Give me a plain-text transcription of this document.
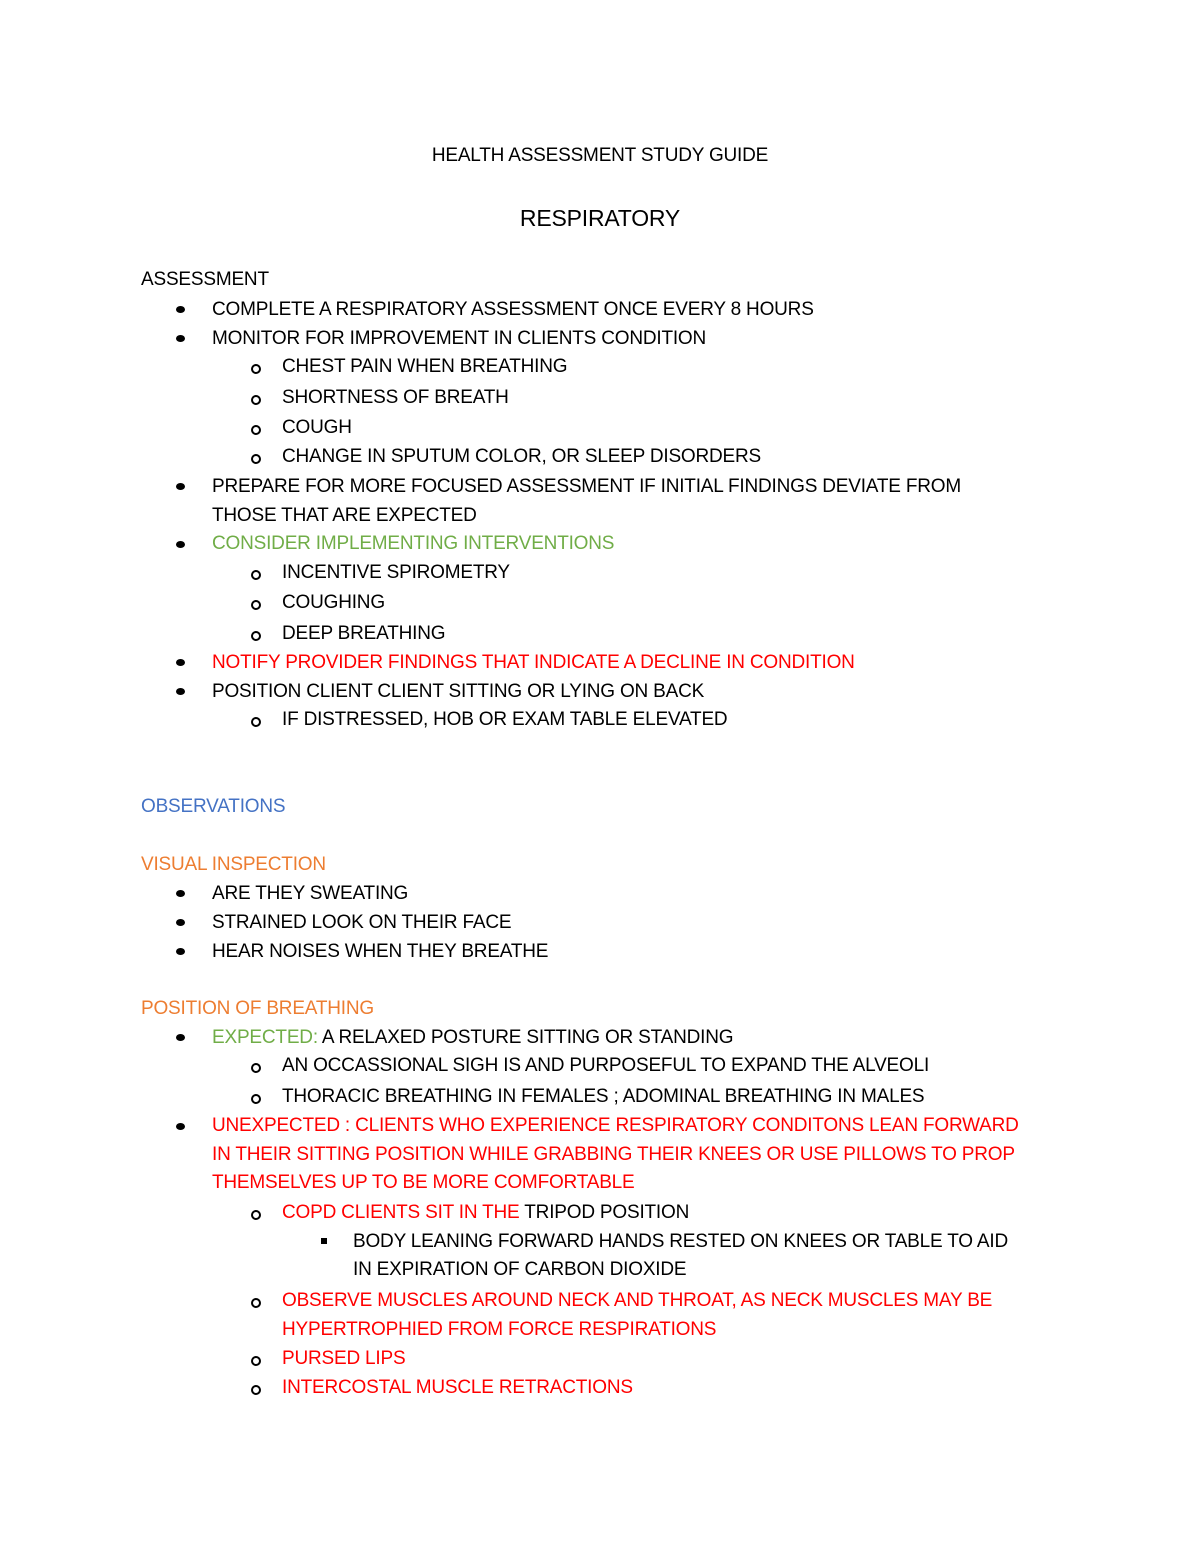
HEALTH ASSESSMENT STUDY GUIDE
RESPIRATORY
ASSESSMENT
COMPLETE A RESPIRATORY ASSESSMENT ONCE EVERY 8 HOURS
MONITOR FOR IMPROVEMENT IN CLIENTS CONDITION
CHEST PAIN WHEN BREATHING
SHORTNESS OF BREATH
COUGH
CHANGE IN SPUTUM COLOR, OR SLEEP DISORDERS
PREPARE FOR MORE FOCUSED ASSESSMENT IF INITIAL FINDINGS DEVIATE FROM
THOSE THAT ARE EXPECTED
CONSIDER IMPLEMENTING INTERVENTIONS
INCENTIVE SPIROMETRY
COUGHING
DEEP BREATHING
NOTIFY PROVIDER FINDINGS THAT INDICATE A DECLINE IN CONDITION
POSITION CLIENT CLIENT SITTING OR LYING ON BACK
IF DISTRESSED, HOB OR EXAM TABLE ELEVATED
OBSERVATIONS
VISUAL INSPECTION
ARE THEY SWEATING
STRAINED LOOK ON THEIR FACE
HEAR NOISES WHEN THEY BREATHE
POSITION OF BREATHING
EXPECTED: A RELAXED POSTURE SITTING OR STANDING
AN OCCASSIONAL SIGH IS AND PURPOSEFUL TO EXPAND THE ALVEOLI
THORACIC BREATHING IN FEMALES ; ADOMINAL BREATHING IN MALES
UNEXPECTED : CLIENTS WHO EXPERIENCE RESPIRATORY CONDITONS LEAN FORWARD
IN THEIR SITTING POSITION WHILE GRABBING THEIR KNEES OR USE PILLOWS TO PROP
THEMSELVES UP TO BE MORE COMFORTABLE
COPD CLIENTS SIT IN THE TRIPOD POSITION
BODY LEANING FORWARD HANDS RESTED ON KNEES OR TABLE TO AID
IN EXPIRATION OF CARBON DIOXIDE
OBSERVE MUSCLES AROUND NECK AND THROAT, AS NECK MUSCLES MAY BE
HYPERTROPHIED FROM FORCE RESPIRATIONS
PURSED LIPS
INTERCOSTAL MUSCLE RETRACTIONS
